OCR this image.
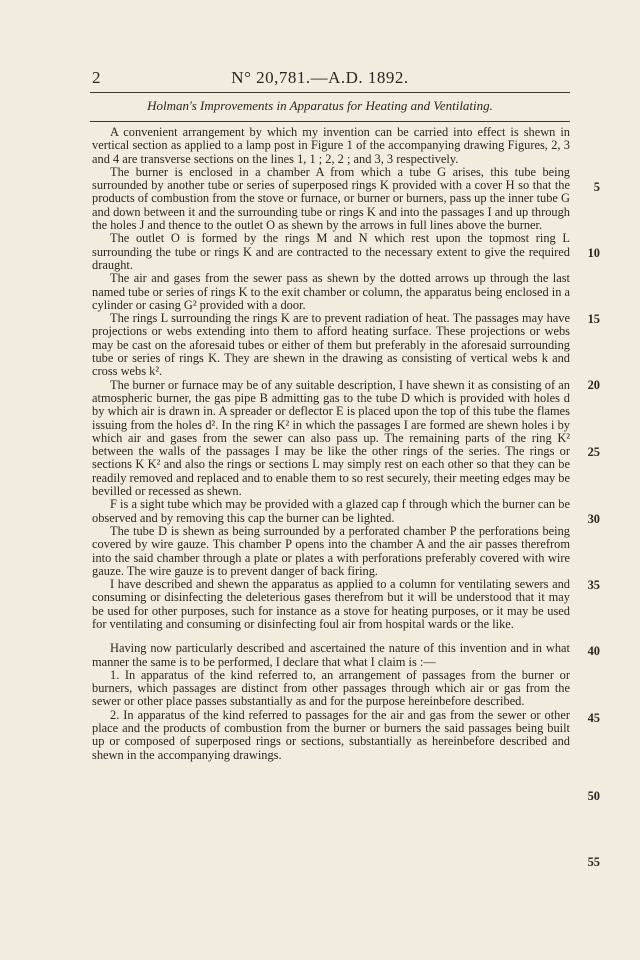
2	N° 20,781.—A.D. 1892.
Holman's Improvements in Apparatus for Heating and Ventilating.

A convenient arrangement by which my invention can be carried into effect is shewn in vertical section as applied to a lamp post in Figure 1 of the accompanying drawing Figures, 2, 3 and 4 are transverse sections on the lines 1, 1 ; 2, 2 ; and 3, 3 respectively.

The burner is enclosed in a chamber A from which a tube G arises, this tube being surrounded by another tube or series of superposed rings K provided with a cover H so that the products of combustion from the stove or furnace, or burner or burners, pass up the inner tube G and down between it and the surrounding tube or rings K and into the passages I and up through the holes J and thence to the outlet O as shewn by the arrows in full lines above the burner.

The outlet O is formed by the rings M and N which rest upon the topmost ring L surrounding the tube or rings K and are contracted to the necessary extent to give the required draught.

The air and gases from the sewer pass as shewn by the dotted arrows up through the last named tube or series of rings K to the exit chamber or column, the apparatus being enclosed in a cylinder or casing G² provided with a door.

The rings L surrounding the rings K are to prevent radiation of heat. The passages may have projections or webs extending into them to afford heating surface. These projections or webs may be cast on the aforesaid tubes or either of them but preferably in the aforesaid surrounding tube or series of rings K. They are shewn in the drawing as consisting of vertical webs k and cross webs k².

The burner or furnace may be of any suitable description, I have shewn it as consisting of an atmospheric burner, the gas pipe B admitting gas to the tube D which is provided with holes d by which air is drawn in. A spreader or deflector E is placed upon the top of this tube the flames issuing from the holes d². In the ring K² in which the passages I are formed are shewn holes i by which air and gases from the sewer can also pass up. The remaining parts of the ring K² between the walls of the passages I may be like the other rings of the series. The rings or sections K K² and also the rings or sections L may simply rest on each other so that they can be readily removed and replaced and to enable them to so rest securely, their meeting edges may be bevilled or recessed as shewn.

F is a sight tube which may be provided with a glazed cap f through which the burner can be observed and by removing this cap the burner can be lighted.

The tube D is shewn as being surrounded by a perforated chamber P the perforations being covered by wire gauze. This chamber P opens into the chamber A and the air passes therefrom into the said chamber through a plate or plates a with perforations preferably covered with wire gauze. The wire gauze is to prevent danger of back firing.

I have described and shewn the apparatus as applied to a column for ventilating sewers and consuming or disinfecting the deleterious gases therefrom but it will be understood that it may be used for other purposes, such for instance as a stove for heating purposes, or it may be used for ventilating and consuming or disinfecting foul air from hospital wards or the like.

Having now particularly described and ascertained the nature of this invention and in what manner the same is to be performed, I declare that what I claim is :—

1. In apparatus of the kind referred to, an arrangement of passages from the burner or burners, which passages are distinct from other passages through which air or gas from the sewer or other place passes substantially as and for the purpose hereinbefore described.

2. In apparatus of the kind referred to passages for the air and gas from the sewer or other place and the products of combustion from the burner or burners the said passages being built up or composed of superposed rings or sections, substantially as hereinbefore described and shewn in the accompanying drawings.

5
10
15
20
25
30
35
40
45
50
55
